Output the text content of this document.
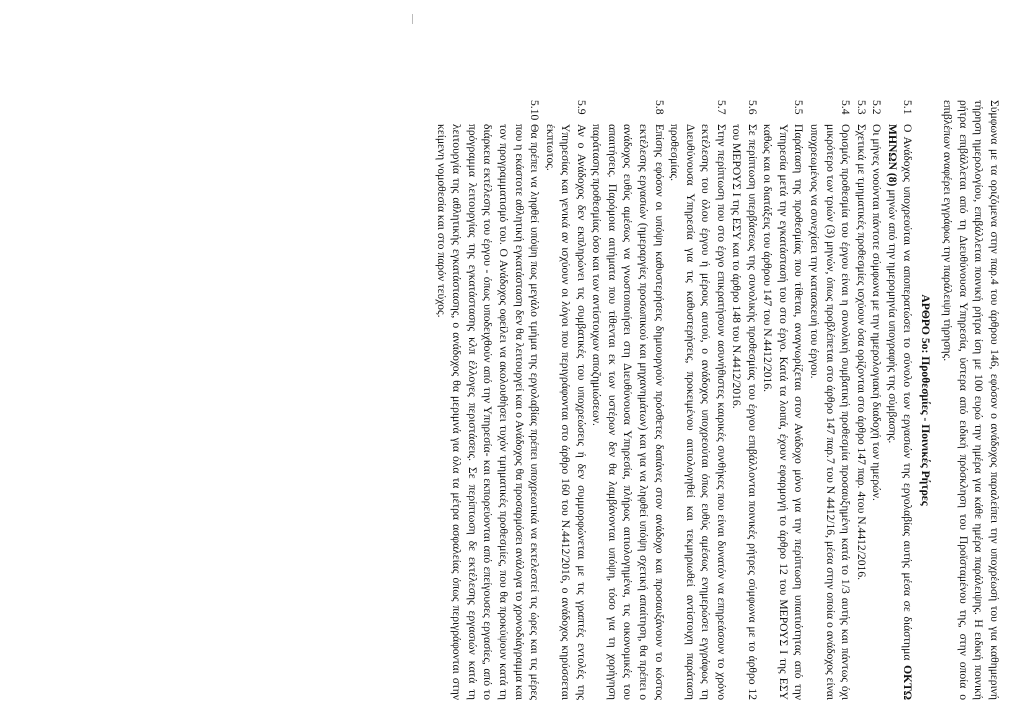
Σύμφωνα με τα οριζόμενα στην παρ.4 του άρθρου 146, εφόσον ο ανάδοχος παραλείπει την υποχρέωσή του για καθημερινή τήρηση ημερολογίου, επιβάλλεται ποινική ρήτρα ίση με 100 ευρώ την ημέρα για κάθε ημέρα παράλειψης. Η ειδική ποινική ρήτρα επιβάλλεται από τη Διευθύνουσα Υπηρεσία, ύστερα από ειδική πρόσκληση του Προϊσταμένου της, στην οποία ο επιβλέπων αναφέρει εγγράφως την παράλειψη τήρησης.

ΑΡΘΡΟ 5ο: Προθεσμίες - Ποινικές Ρήτρες

5.1Ο Ανάδοχος υποχρεούται να αποπερατώσει το σύνολο των εργασιών της εργολαβίας αυτής μέσα σε διάστημα ΟΚΤΩ ΜΗΝΩΝ (8) μηνών από την ημερομηνία υπογραφής της σύμβασης.

5.2Οι μήνες νοούνται πάντοτε σύμφωνα με την ημερολογιακή διαδοχή των ημερών.

5.3Σχετικά με τμηματικές προθεσμίες ισχύουν όσα ορίζονται στο άρθρο 147 παρ. 4του Ν.4412/2016.

5.4Ορισμός προθεσμία του έργου είναι η συνολική συμβατική προθεσμία προσαυξημένη κατά το 1/3 αυτής και πάντως όχι μικρότερο των τριών (3) μηνών, όπως προβλέπεται στο άρθρο 147 παρ.7 του Ν 4412/16, μέσα στην οποία ο ανάδοχος είναι υποχρεωμένος να συνεχίσει την κατασκευή του έργου.

5.5Παράταση της προθεσμίας που τίθεται, αναγνωρίζεται στον Ανάδοχο μόνο για την περίπτωση υπαιτιότητας από την Υπηρεσία μετά την εγκατάστασή του στο έργο. Κατά τα λοιπά, έχουν εφαρμογή το άρθρο 12 του ΜΕΡΟΥΣ Ι της ΕΣΥ καθώς και οι διατάξεις του άρθρου 147 του Ν.4412/2016.

5.6Σε περίπτωση υπερβάσεως της συνολικής προθεσμίας του έργου επιβάλλονται ποινικές ρήτρες σύμφωνα με το άρθρο 12 του ΜΕΡΟΥΣ Ι της ΕΣΥ και το άρθρο 148 του Ν.4412/2016.

5.7Στην περίπτωση που στο έργο επικρατήσουν ασυνήθιστες καιρικές συνθήκες που είναι δυνατόν να επηρεάσουν το χρόνο εκτέλεσης του όλου έργου ή μέρους αυτού, ο ανάδοχος υποχρεούται όπως ευθύς αμέσως ενημερώσει εγγράφως τη Διευθύνουσα Υπηρεσία για τις καθυστερήσεις, προκειμένου αιτιολογηθεί και τεκμηριωθεί αντίστοιχη παράταση προθεσμίας.

5.8Επίσης εφόσον οι υπόψη καθυστερήσεις δημιουργούν πρόσθετες δαπάνες στον ανάδοχο και προσαυξάνουν το κόστος εκτέλεσης εργασιών (ημεραργίες προσωπικού και μηχανημάτων) και για να ληφθεί υπόψη σχετική απαίτηση, θα πρέπει ο ανάδοχος ευθύς αμέσως να γνωστοποιήσει στη Διευθύνουσα Υπηρεσία, πλήρως αιτιολογημένα, τις οικονομικές του απαιτήσεις. Παρόμοια αιτήματα που τίθενται εκ των υστέρων δεν θα λαμβάνονται υπόψη, τόσο για τη χορήγηση παράτασης προθεσμίας όσο και των αντίστοιχων αποζημιώσεων.

5.9Αν ο Ανάδοχος δεν εκπληρώνει τις συμβατικές του υποχρεώσεις ή δεν συμμορφώνεται με τις γραπτές εντολές της Υπηρεσίας και γενικά αν ισχύουν οι λόγοι που περιγράφονται στο άρθρο 160 του Ν.4412/2016, ο ανάδοχος κηρύσσεται έκπτωτος.

5.10Θα πρέπει να ληφθεί υπόψη πως μεγάλο τμήμα της εργολαβίας πρέπει υποχρεωτικά να εκτελεστεί τις ώρες και τις μέρες που η εκάστοτε αθλητική εγκατάσταση δεν θα λειτουργεί και ο Ανάδοχος θα προσαρμόσει ανάλογα το χρονοδιάγραμμα και τον προγραμματισμό του. Ο Ανάδοχος οφείλει να ακολουθήσει τυχόν τμηματικές προθεσμίες, που θα προκύψουν κατά τη διάρκεια εκτέλεσης του έργου - όπως υποδειχθούν από την Υπηρεσία- και εκπορεύονται από επείγουσες εργασίες, από το πρόγραμμα λειτουργίας της εγκατάστασης κλπ έλλογες περιστάσεις. Σε περίπτωση δε εκτέλεσης εργασιών κατά τη λειτουργία της αθλητικής εγκατάστασης, ο ανάδοχος θα μεριμνά για όλα τα μέτρα ασφαλείας όπως περιγράφονται στην κείμενη νομοθεσία και στο παρόν τεύχος.
